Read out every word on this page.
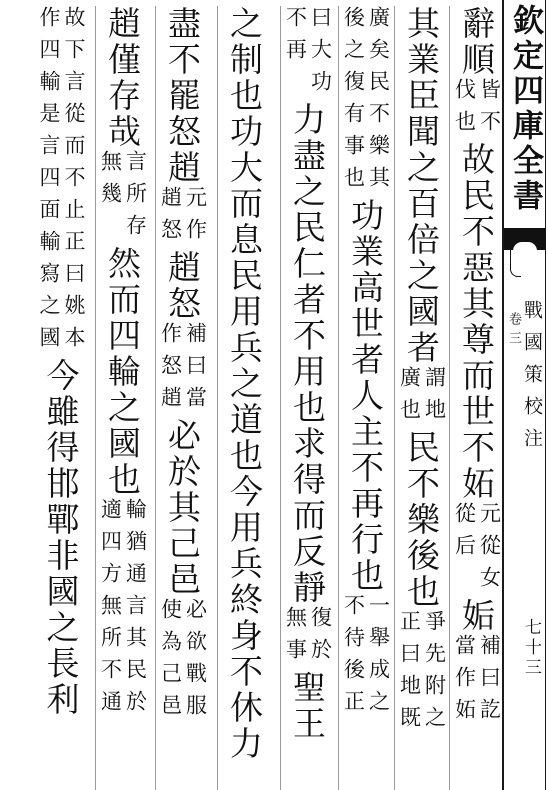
辭順
皆不
伐也
故民不惡其尊而世不妬
元從女
從后
姤
補曰訖
當作妬
其業臣聞之百倍之國者
謂地
廣也
民不樂後也
爭先附之
正曰地既
廣矣民不樂其
後之復有事也
功業高世者人主不再行也
一舉成之
不待後正
曰大功
不再
力盡之民仁者不用也求得而反靜
復於
無事
聖王
之制也功大而息民用兵之道也今用兵終身不休力
盡不罷怒趙
元作
趙怒
趙怒
補曰當
作怒趙
必於其己邑
必欲戰服
使為己邑
趙僅存哉
言所存
無幾
然而四輪之國也
輪猶通言其民於
適四方無所不通
故下言從而不止正曰姚本
作四輸是言四面輸寫之國
今雖得邯鄲非國之長利
欽定四庫全書
戰國策校注
卷三
七十三
